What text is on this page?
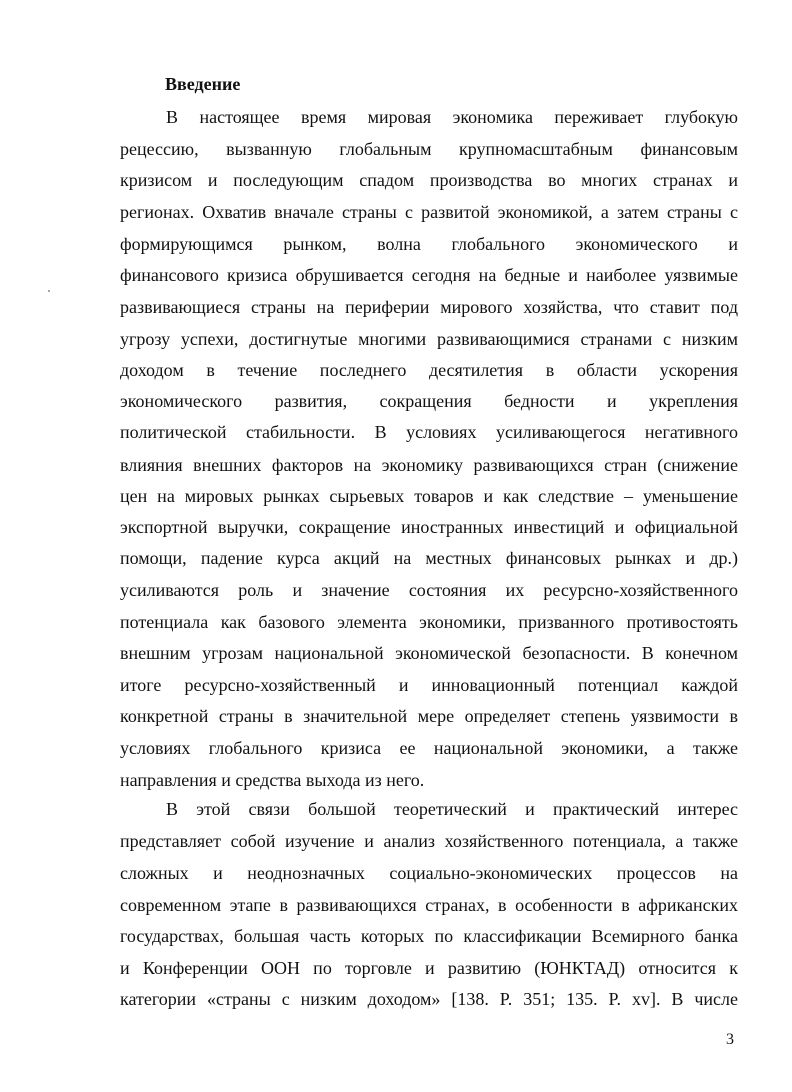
Введение
В настоящее время мировая экономика переживает глубокую
рецессию, вызванную глобальным крупномасштабным финансовым
кризисом и последующим спадом производства во многих странах и
регионах. Охватив вначале страны с развитой экономикой, а затем страны с
формирующимся рынком, волна глобального экономического и
финансового кризиса обрушивается сегодня на бедные и наиболее уязвимые
развивающиеся страны на периферии мирового хозяйства, что ставит под
угрозу успехи, достигнутые многими развивающимися странами с низким
доходом в течение последнего десятилетия в области ускорения
экономического развития, сокращения бедности и укрепления
политической стабильности. В условиях усиливающегося негативного
влияния внешних факторов на экономику развивающихся стран (снижение
цен на мировых рынках сырьевых товаров и как следствие – уменьшение
экспортной выручки, сокращение иностранных инвестиций и официальной
помощи, падение курса акций на местных финансовых рынках и др.)
усиливаются роль и значение состояния их ресурсно-хозяйственного
потенциала как базового элемента экономики, призванного противостоять
внешним угрозам национальной экономической безопасности. В конечном
итоге ресурсно-хозяйственный и инновационный потенциал каждой
конкретной страны в значительной мере определяет степень уязвимости в
условиях глобального кризиса ее национальной экономики, а также
направления и средства выхода из него.
В этой связи большой теоретический и практический интерес
представляет собой изучение и анализ хозяйственного потенциала, а также
сложных и неоднозначных социально-экономических процессов на
современном этапе в развивающихся странах, в особенности в африканских
государствах, большая часть которых по классификации Всемирного банка
и Конференции ООН по торговле и развитию (ЮНКТАД) относится к
категории «страны с низким доходом» [138. P. 351; 135. P. xv]. В числе
3
